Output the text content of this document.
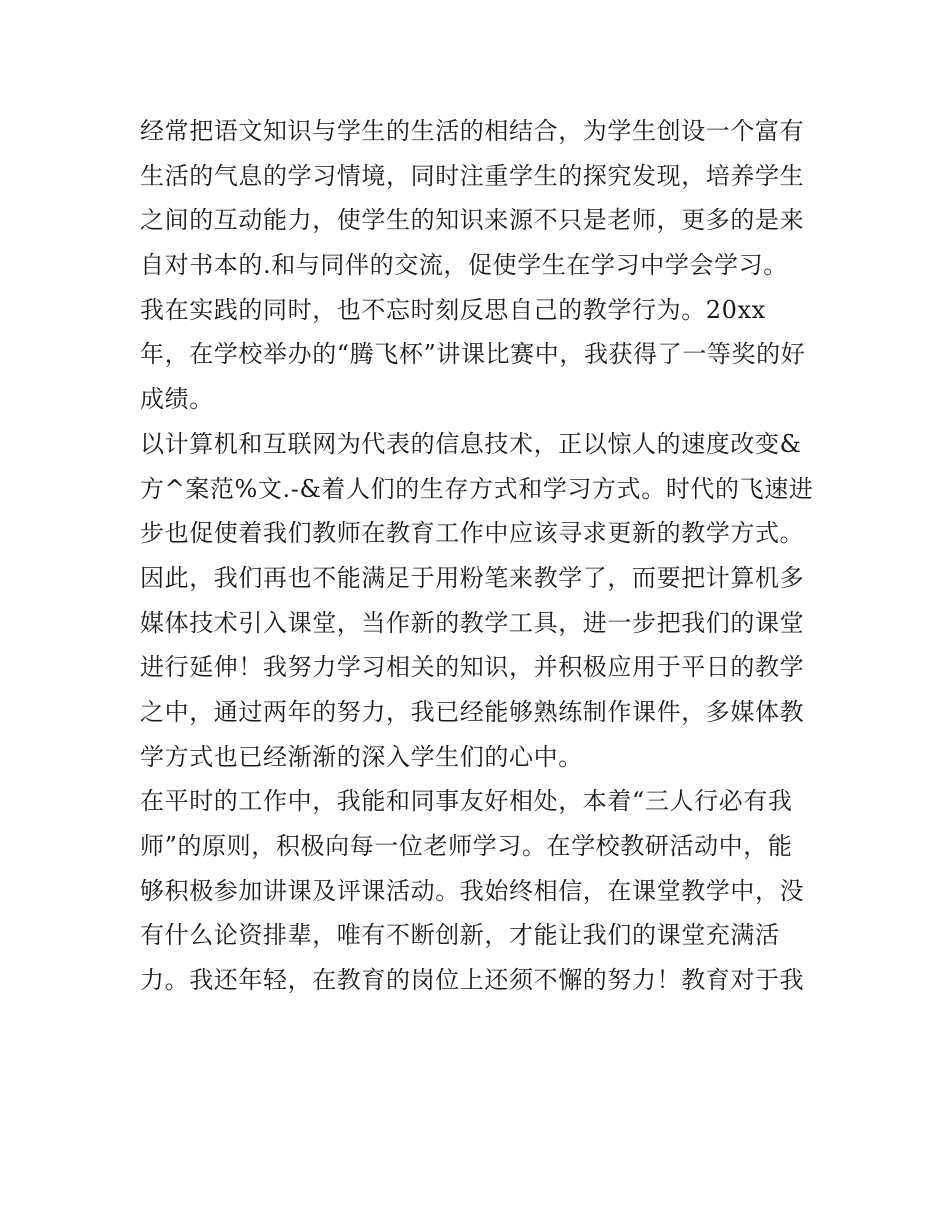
经常把语文知识与学生的生活的相结合，为学生创设一个富有
生活的气息的学习情境，同时注重学生的探究发现，培养学生
之间的互动能力，使学生的知识来源不只是老师，更多的是来
自对书本的.和与同伴的交流，促使学生在学习中学会学习。
我在实践的同时，也不忘时刻反思自己的教学行为。20xx
年，在学校举办的“腾飞杯”讲课比赛中，我获得了一等奖的好
成绩。
以计算机和互联网为代表的信息技术，正以惊人的速度改变&
方^案范%文.-&着人们的生存方式和学习方式。时代的飞速进
步也促使着我们教师在教育工作中应该寻求更新的教学方式。
因此，我们再也不能满足于用粉笔来教学了，而要把计算机多
媒体技术引入课堂，当作新的教学工具，进一步把我们的课堂
进行延伸！我努力学习相关的知识，并积极应用于平日的教学
之中，通过两年的努力，我已经能够熟练制作课件，多媒体教
学方式也已经渐渐的深入学生们的心中。
在平时的工作中，我能和同事友好相处，本着“三人行必有我
师”的原则，积极向每一位老师学习。在学校教研活动中，能
够积极参加讲课及评课活动。我始终相信，在课堂教学中，没
有什么论资排辈，唯有不断创新，才能让我们的课堂充满活
力。我还年轻，在教育的岗位上还须不懈的努力！教育对于我
